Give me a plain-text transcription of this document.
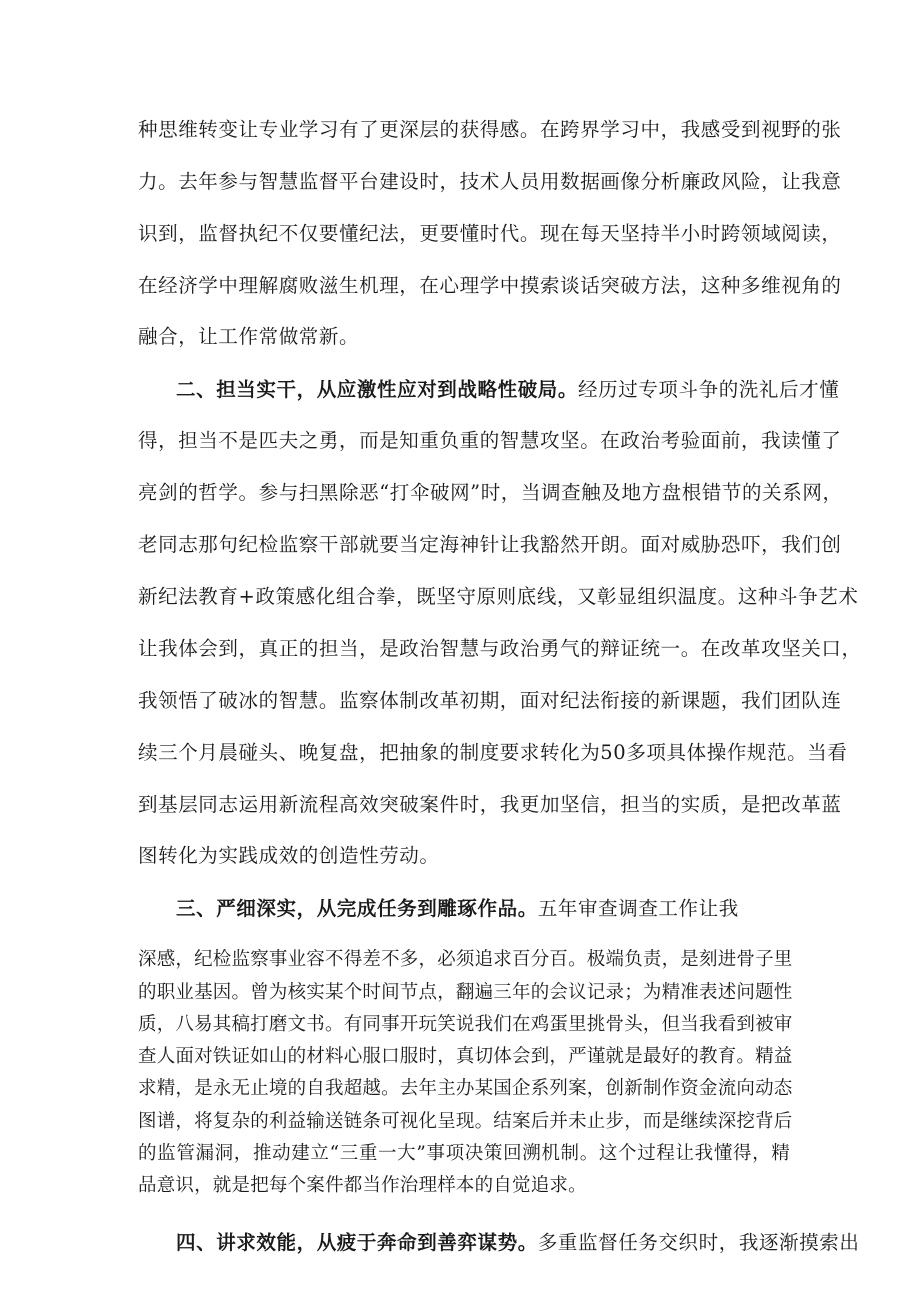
种思维转变让专业学习有了更深层的获得感。在跨界学习中，我感受到视野的张
力。去年参与智慧监督平台建设时，技术人员用数据画像分析廉政风险，让我意
识到，监督执纪不仅要懂纪法，更要懂时代。现在每天坚持半小时跨领域阅读，
在经济学中理解腐败滋生机理，在心理学中摸索谈话突破方法，这种多维视角的
融合，让工作常做常新。
二、担当实干，从应激性应对到战略性破局。经历过专项斗争的洗礼后才懂
得，担当不是匹夫之勇，而是知重负重的智慧攻坚。在政治考验面前，我读懂了
亮剑的哲学。参与扫黑除恶“打伞破网”时，当调查触及地方盘根错节的关系网，
老同志那句纪检监察干部就要当定海神针让我豁然开朗。面对威胁恐吓，我们创
新纪法教育+政策感化组合拳，既坚守原则底线，又彰显组织温度。这种斗争艺术
让我体会到，真正的担当，是政治智慧与政治勇气的辩证统一。在改革攻坚关口，
我领悟了破冰的智慧。监察体制改革初期，面对纪法衔接的新课题，我们团队连
续三个月晨碰头、晚复盘，把抽象的制度要求转化为50多项具体操作规范。当看
到基层同志运用新流程高效突破案件时，我更加坚信，担当的实质，是把改革蓝
图转化为实践成效的创造性劳动。
三、严细深实，从完成任务到雕琢作品。五年审查调查工作让我
深感，纪检监察事业容不得差不多，必须追求百分百。极端负责，是刻进骨子里
的职业基因。曾为核实某个时间节点，翻遍三年的会议记录；为精准表述问题性
质，八易其稿打磨文书。有同事开玩笑说我们在鸡蛋里挑骨头，但当我看到被审
查人面对铁证如山的材料心服口服时，真切体会到，严谨就是最好的教育。精益
求精，是永无止境的自我超越。去年主办某国企系列案，创新制作资金流向动态
图谱，将复杂的利益输送链条可视化呈现。结案后并未止步，而是继续深挖背后
的监管漏洞，推动建立“三重一大”事项决策回溯机制。这个过程让我懂得，精
品意识，就是把每个案件都当作治理样本的自觉追求。
四、讲求效能，从疲于奔命到善弈谋势。多重监督任务交织时，我逐渐摸索出
